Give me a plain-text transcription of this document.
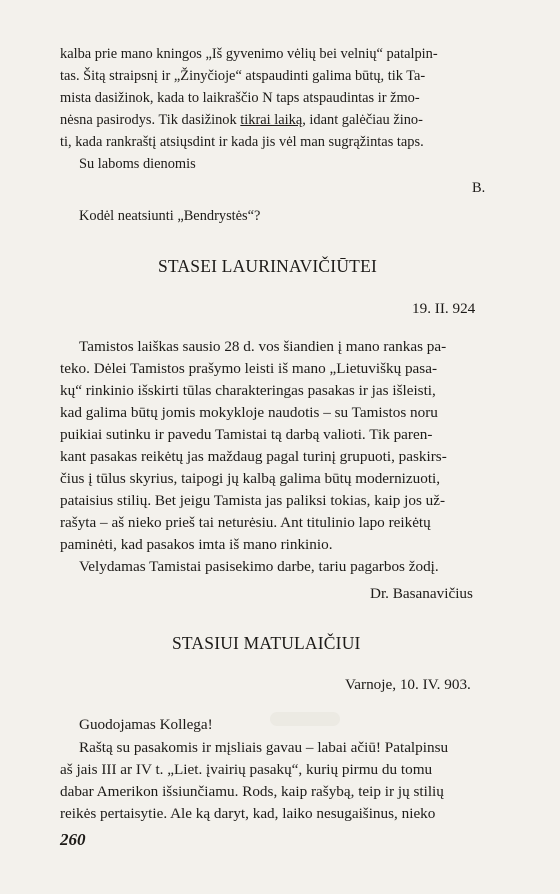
kalba prie mano kningos „Iš gyvenimo vėlių bei velnių“ patalpin-
tas. Šitą straipsnį ir „Žinyčioje“ atspaudinti galima būtų, tik Ta-
mista dasižinok, kada to laikraščio N taps atspaudintas ir žmo-
nėsna pasirodys. Tik dasižinok tikrai laiką, idant galėčiau žino-
ti, kada rankraštį atsiųsdint ir kada jis vėl man sugrąžintas taps.
Su laboms dienomis
B.
Kodėl neatsiunti „Bendrystės“?
STASEI LAURINAVIČIŪTEI
19. II. 924
Tamistos laiškas sausio 28 d. vos šiandien į mano rankas pa-
teko. Dėlei Tamistos prašymo leisti iš mano „Lietuviškų pasa-
kų“ rinkinio išskirti tūlas charakteringas pasakas ir jas išleisti,
kad galima būtų jomis mokykloje naudotis – su Tamistos noru
puikiai sutinku ir pavedu Tamistai tą darbą valioti. Tik paren-
kant pasakas reikėtų jas maždaug pagal turinį grupuoti, paskirs-
čius į tūlus skyrius, taipogi jų kalbą galima būtų modernizuoti,
pataisius stilių. Bet jeigu Tamista jas paliksi tokias, kaip jos už-
rašyta – aš nieko prieš tai neturėsiu. Ant titulinio lapo reikėtų
paminėti, kad pasakos imta iš mano rinkinio.
Velydamas Tamistai pasisekimo darbe, tariu pagarbos žodį.
Dr. Basanavičius
STASIUI MATULAIČIUI
Varnoje, 10. IV. 903.
Guodojamas Kollega!
Raštą su pasakomis ir mįsliais gavau – labai ačiū! Patalpinsu
aš jais III ar IV t. „Liet. įvairių pasakų“, kurių pirmu du tomu
dabar Amerikon išsiunčiamu. Rods, kaip rašybą, teip ir jų stilių
reikės pertaisytie. Ale ką daryt, kad, laiko nesugaišinus, nieko
260
